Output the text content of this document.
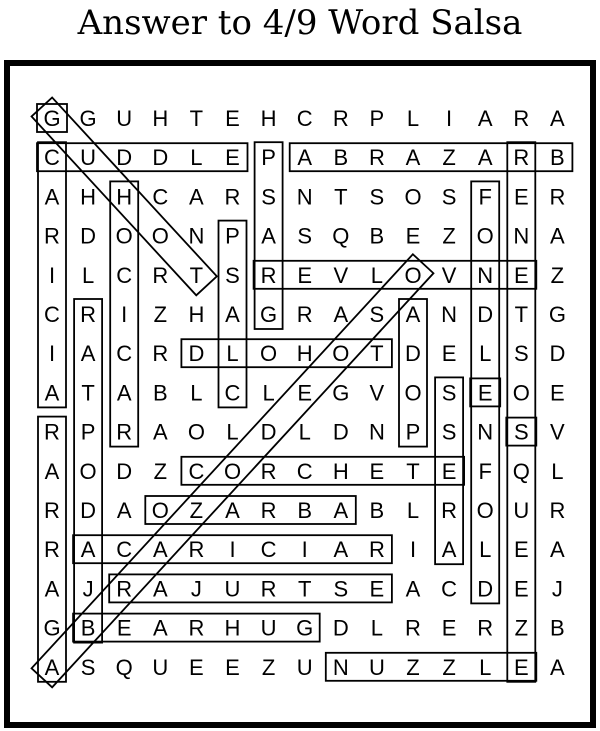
Answer to 4/9 Word Salsa
G G U H T E H C R P L I A R A
C U D D L E P A B R A Z A R B
A H H C A R S N T S O S F E R
R D O O N P A S Q B E Z O N A
I L C R T S R E V L O V N E Z
C R I Z H A G R A S A N D T G
I A C R D L O H O T D E L S D
A T A B L C L E G V O S E O E
R P R A O L D L D N P S N S V
A O D Z C O R C H E T E F Q L
R D A O Z A R B A B L R O U R
R A C A R I C I A R I A L E A
A J R A J U R T S E A C D E J
G B E A R H U G D L R E R Z B
A S Q U E E Z U N U Z Z L E A
